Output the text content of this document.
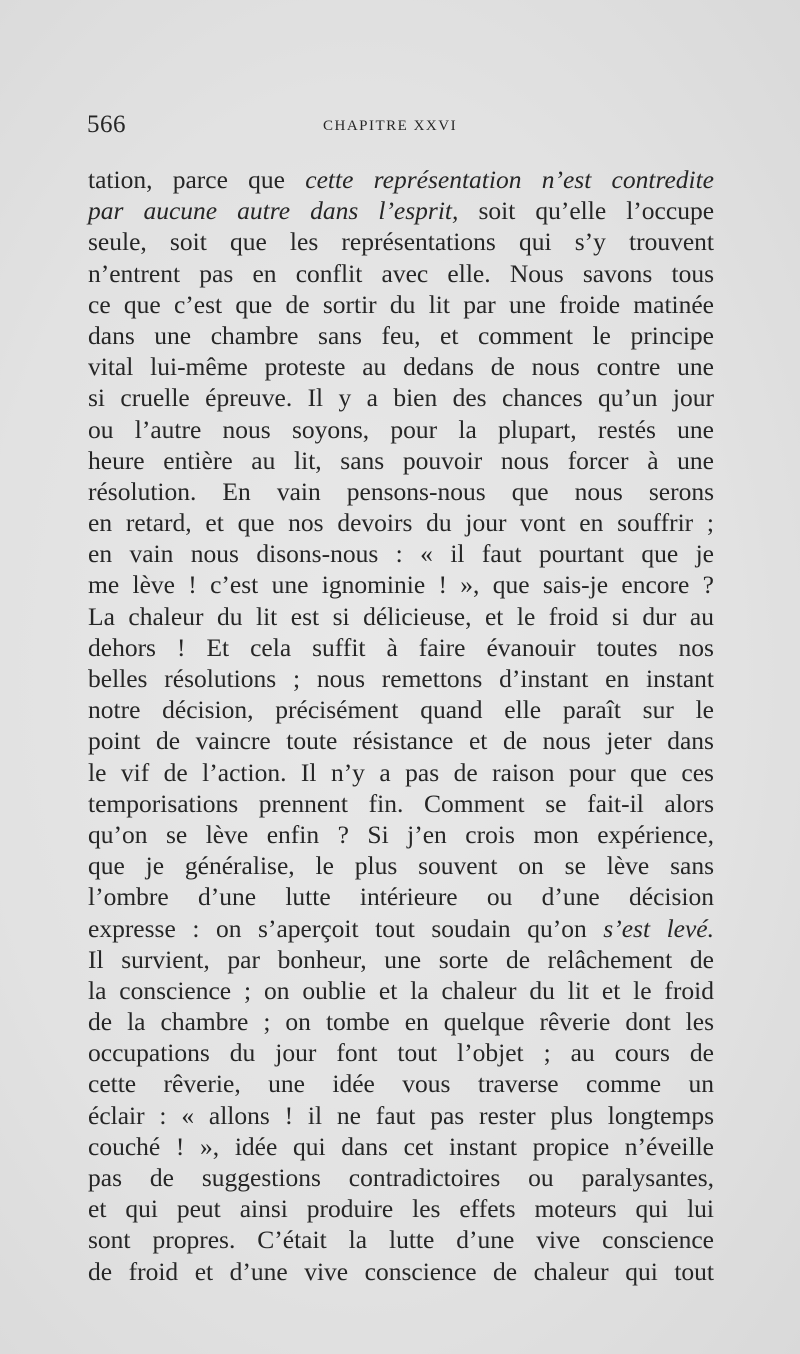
566	CHAPITRE XXVI
tation, parce que cette représentation n’est contredite
par aucune autre dans l’esprit, soit qu’elle l’occupe
seule, soit que les représentations qui s’y trouvent
n’entrent pas en conflit avec elle. Nous savons tous
ce que c’est que de sortir du lit par une froide matinée
dans une chambre sans feu, et comment le principe
vital lui-même proteste au dedans de nous contre une
si cruelle épreuve. Il y a bien des chances qu’un jour
ou l’autre nous soyons, pour la plupart, restés une
heure entière au lit, sans pouvoir nous forcer à une
résolution. En vain pensons-nous que nous serons
en retard, et que nos devoirs du jour vont en souffrir ;
en vain nous disons-nous : « il faut pourtant que je
me lève ! c’est une ignominie ! », que sais-je encore ?
La chaleur du lit est si délicieuse, et le froid si dur au
dehors ! Et cela suffit à faire évanouir toutes nos
belles résolutions ; nous remettons d’instant en instant
notre décision, précisément quand elle paraît sur le
point de vaincre toute résistance et de nous jeter dans
le vif de l’action. Il n’y a pas de raison pour que ces
temporisations prennent fin. Comment se fait-il alors
qu’on se lève enfin ? Si j’en crois mon expérience,
que je généralise, le plus souvent on se lève sans
l’ombre d’une lutte intérieure ou d’une décision
expresse : on s’aperçoit tout soudain qu’on s’est levé.
Il survient, par bonheur, une sorte de relâchement de
la conscience ; on oublie et la chaleur du lit et le froid
de la chambre ; on tombe en quelque rêverie dont les
occupations du jour font tout l’objet ; au cours de
cette rêverie, une idée vous traverse comme un
éclair : « allons ! il ne faut pas rester plus longtemps
couché ! », idée qui dans cet instant propice n’éveille
pas de suggestions contradictoires ou paralysantes,
et qui peut ainsi produire les effets moteurs qui lui
sont propres. C’était la lutte d’une vive conscience
de froid et d’une vive conscience de chaleur qui tout
